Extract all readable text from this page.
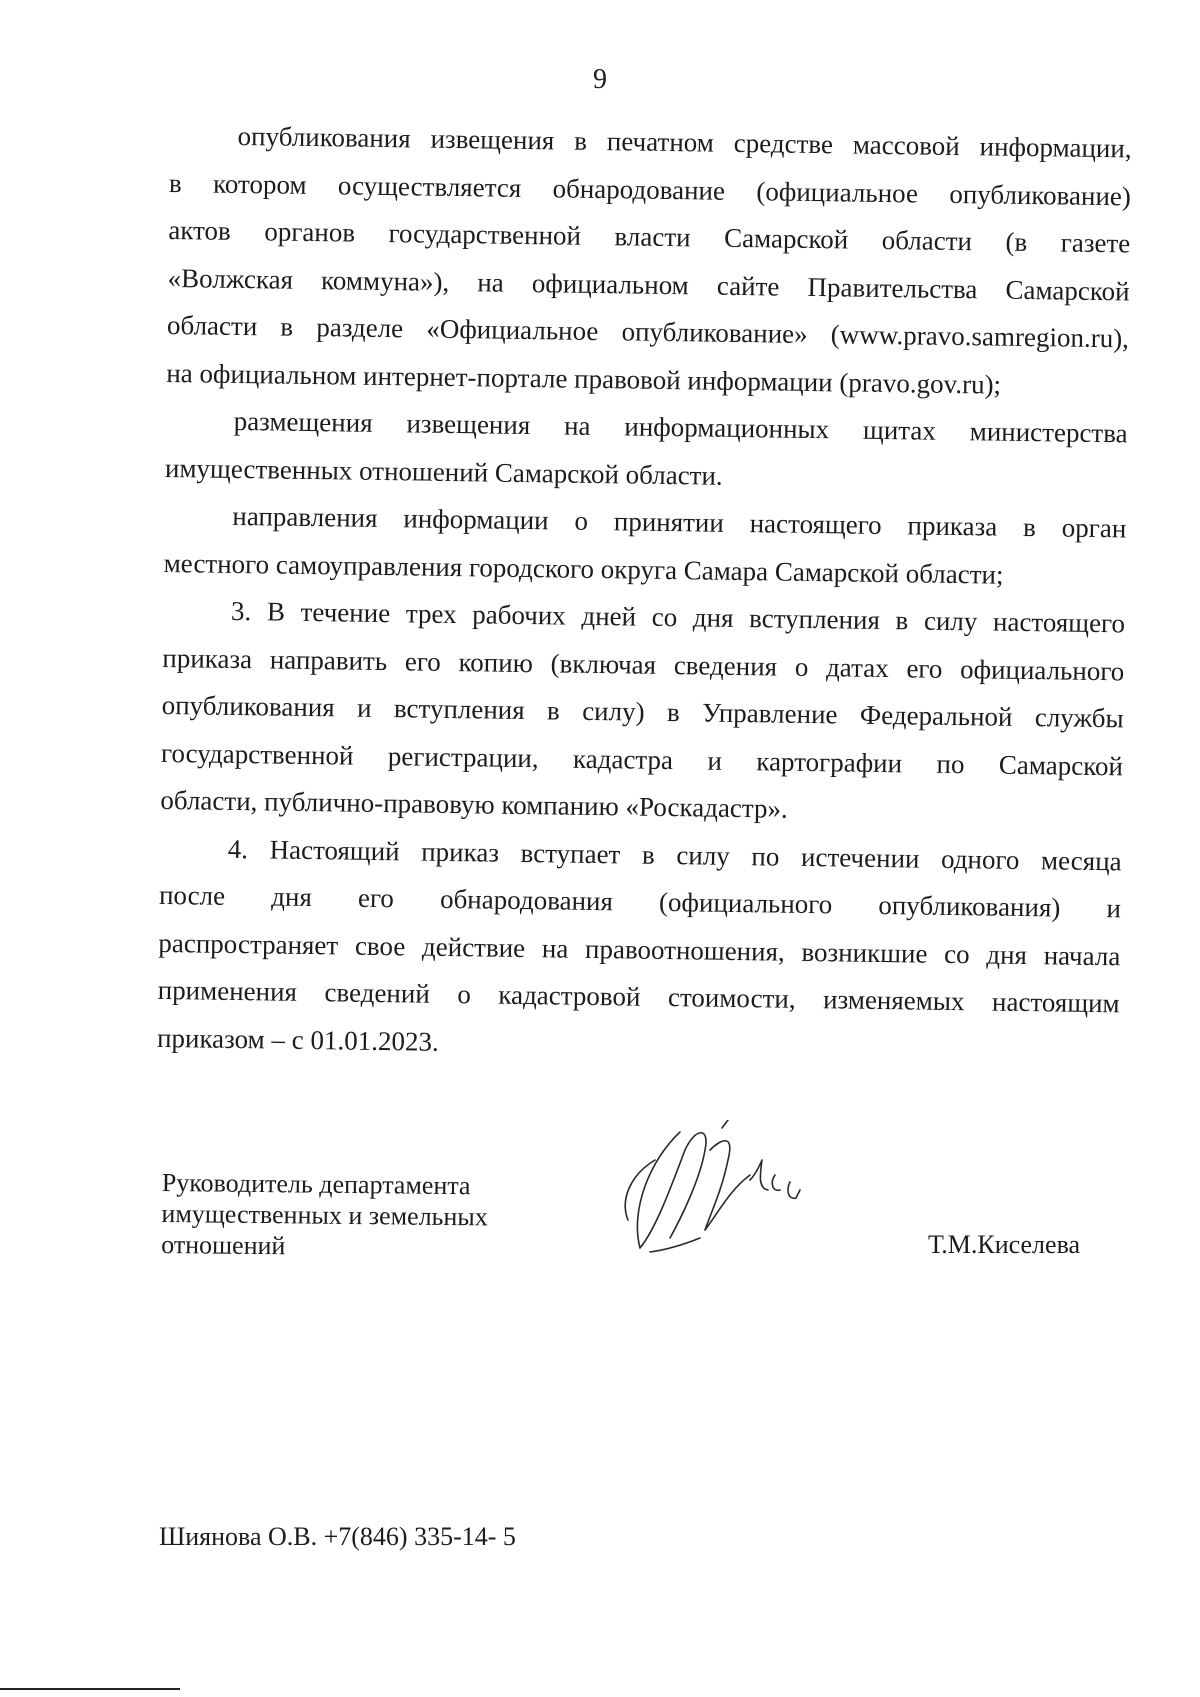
9

опубликования извещения в печатном средстве массовой информации,
в котором осуществляется обнародование (официальное опубликование)
актов органов государственной власти Самарской области (в газете
«Волжская коммуна»), на официальном сайте Правительства Самарской
области в разделе «Официальное опубликование» (www.pravo.samregion.ru),
на официальном интернет-портале правовой информации (pravo.gov.ru);

размещения извещения на информационных щитах министерства
имущественных отношений Самарской области.

направления информации о принятии настоящего приказа в орган
местного самоуправления городского округа Самара Самарской области;

3. В течение трех рабочих дней со дня вступления в силу настоящего
приказа направить его копию (включая сведения о датах его официального
опубликования и вступления в силу) в Управление Федеральной службы
государственной регистрации, кадастра и картографии по Самарской
области, публично-правовую компанию «Роскадастр».

4. Настоящий приказ вступает в силу по истечении одного месяца
после дня его обнародования (официального опубликования) и
распространяет свое действие на правоотношения, возникшие со дня начала
применения сведений о кадастровой стоимости, изменяемых настоящим
приказом – с 01.01.2023.

Руководитель департамента
имущественных и земельных
отношений	Т.М.Киселева
Шиянова О.В. +7(846) 335-14- 5
